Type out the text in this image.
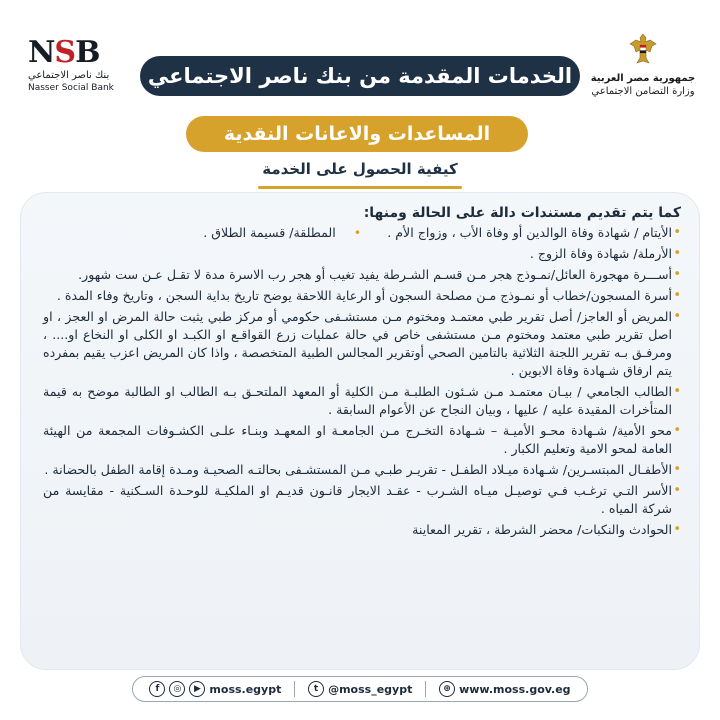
NSB
بنك ناصر الاجتماعي
Nasser Social Bank
جمهورية مصر العربية
وزارة التضامن الاجتماعي
الخدمات المقدمة من بنك ناصر الاجتماعي
المساعدات والاعانات النقدية
كيفية الحصول على الخدمة
كما يتم تقديم مستندات دالة على الحالة ومنها:
• الأيتام / شهادة وفاة الوالدين أو وفاة الأب ، وزواج الأم .•المطلقة/ قسيمة الطلاق .
• الأرملة/ شهادة وفاة الزوج .
• أســـرة مهجورة العائل/نمـوذج هجر مـن قسـم الشـرطة يفيد تغيب أو هجر رب الاسرة مدة لا تقـل عـن ست شهور.
• أسرة المسجون/خطاب أو نمـوذج مـن مصلحة السجون أو الرعاية اللاحقة يوضح تاريخ بداية السجن ، وتاريخ وفاء المدة .
• المريض أو العاجز/ أصل تقرير طبي معتمـد ومختوم مـن مستشـفى حكومي أو مركز طبي يثبت حالة المرض او العجز ، او اصل تقرير طبي معتمد ومختوم مـن مستشفى خاص في حالة عمليات زرع القواقـع او الكبـد او الكلى او النخاع او.... ، ومرفـق بـه تقرير اللجنة الثلاثية بالتامين الصحي أوتقرير المجالس الطبية المتخصصة ، واذا كان المريض اعزب يقيم بمفرده يتم ارفاق شـهادة وفاة الابوين .
• الطالب الجامعي / بيـان معتمـد مـن شـئون الطلبـة مـن الكلية أو المعهد الملتحـق بـه الطالب او الطالبة موضح به قيمة المتأخرات المقيدة عليه / عليها ، وبيان النجاح عن الأعوام السابقة .
• محو الأمية/ شـهادة محـو الأميـة – شـهادة التخـرج مـن الجامعـة او المعهـد وبنـاء علـى الكشـوفات المجمعة من الهيئة العامة لمحو الامية وتعليم الكبار .
• الأطفـال المبتسـرين/ شـهادة ميـلاد الطفـل - تقريـر طبـي مـن المستشـفى بحالتـه الصحيـة ومـدة إقامة الطفل بالحضانة .
• الأسر التـي ترغـب فـي توصيـل ميـاه الشـرب - عقـد الايجار قانـون قديـم او الملكيـة للوحـدة السـكنية - مقايسة من شركة المياه .
• الحوادث والنكبات/ محضر الشرطة ، تقرير المعاينة
f	◎	▶ moss.egypt	t @moss_egypt	⊕ www.moss.gov.eg
